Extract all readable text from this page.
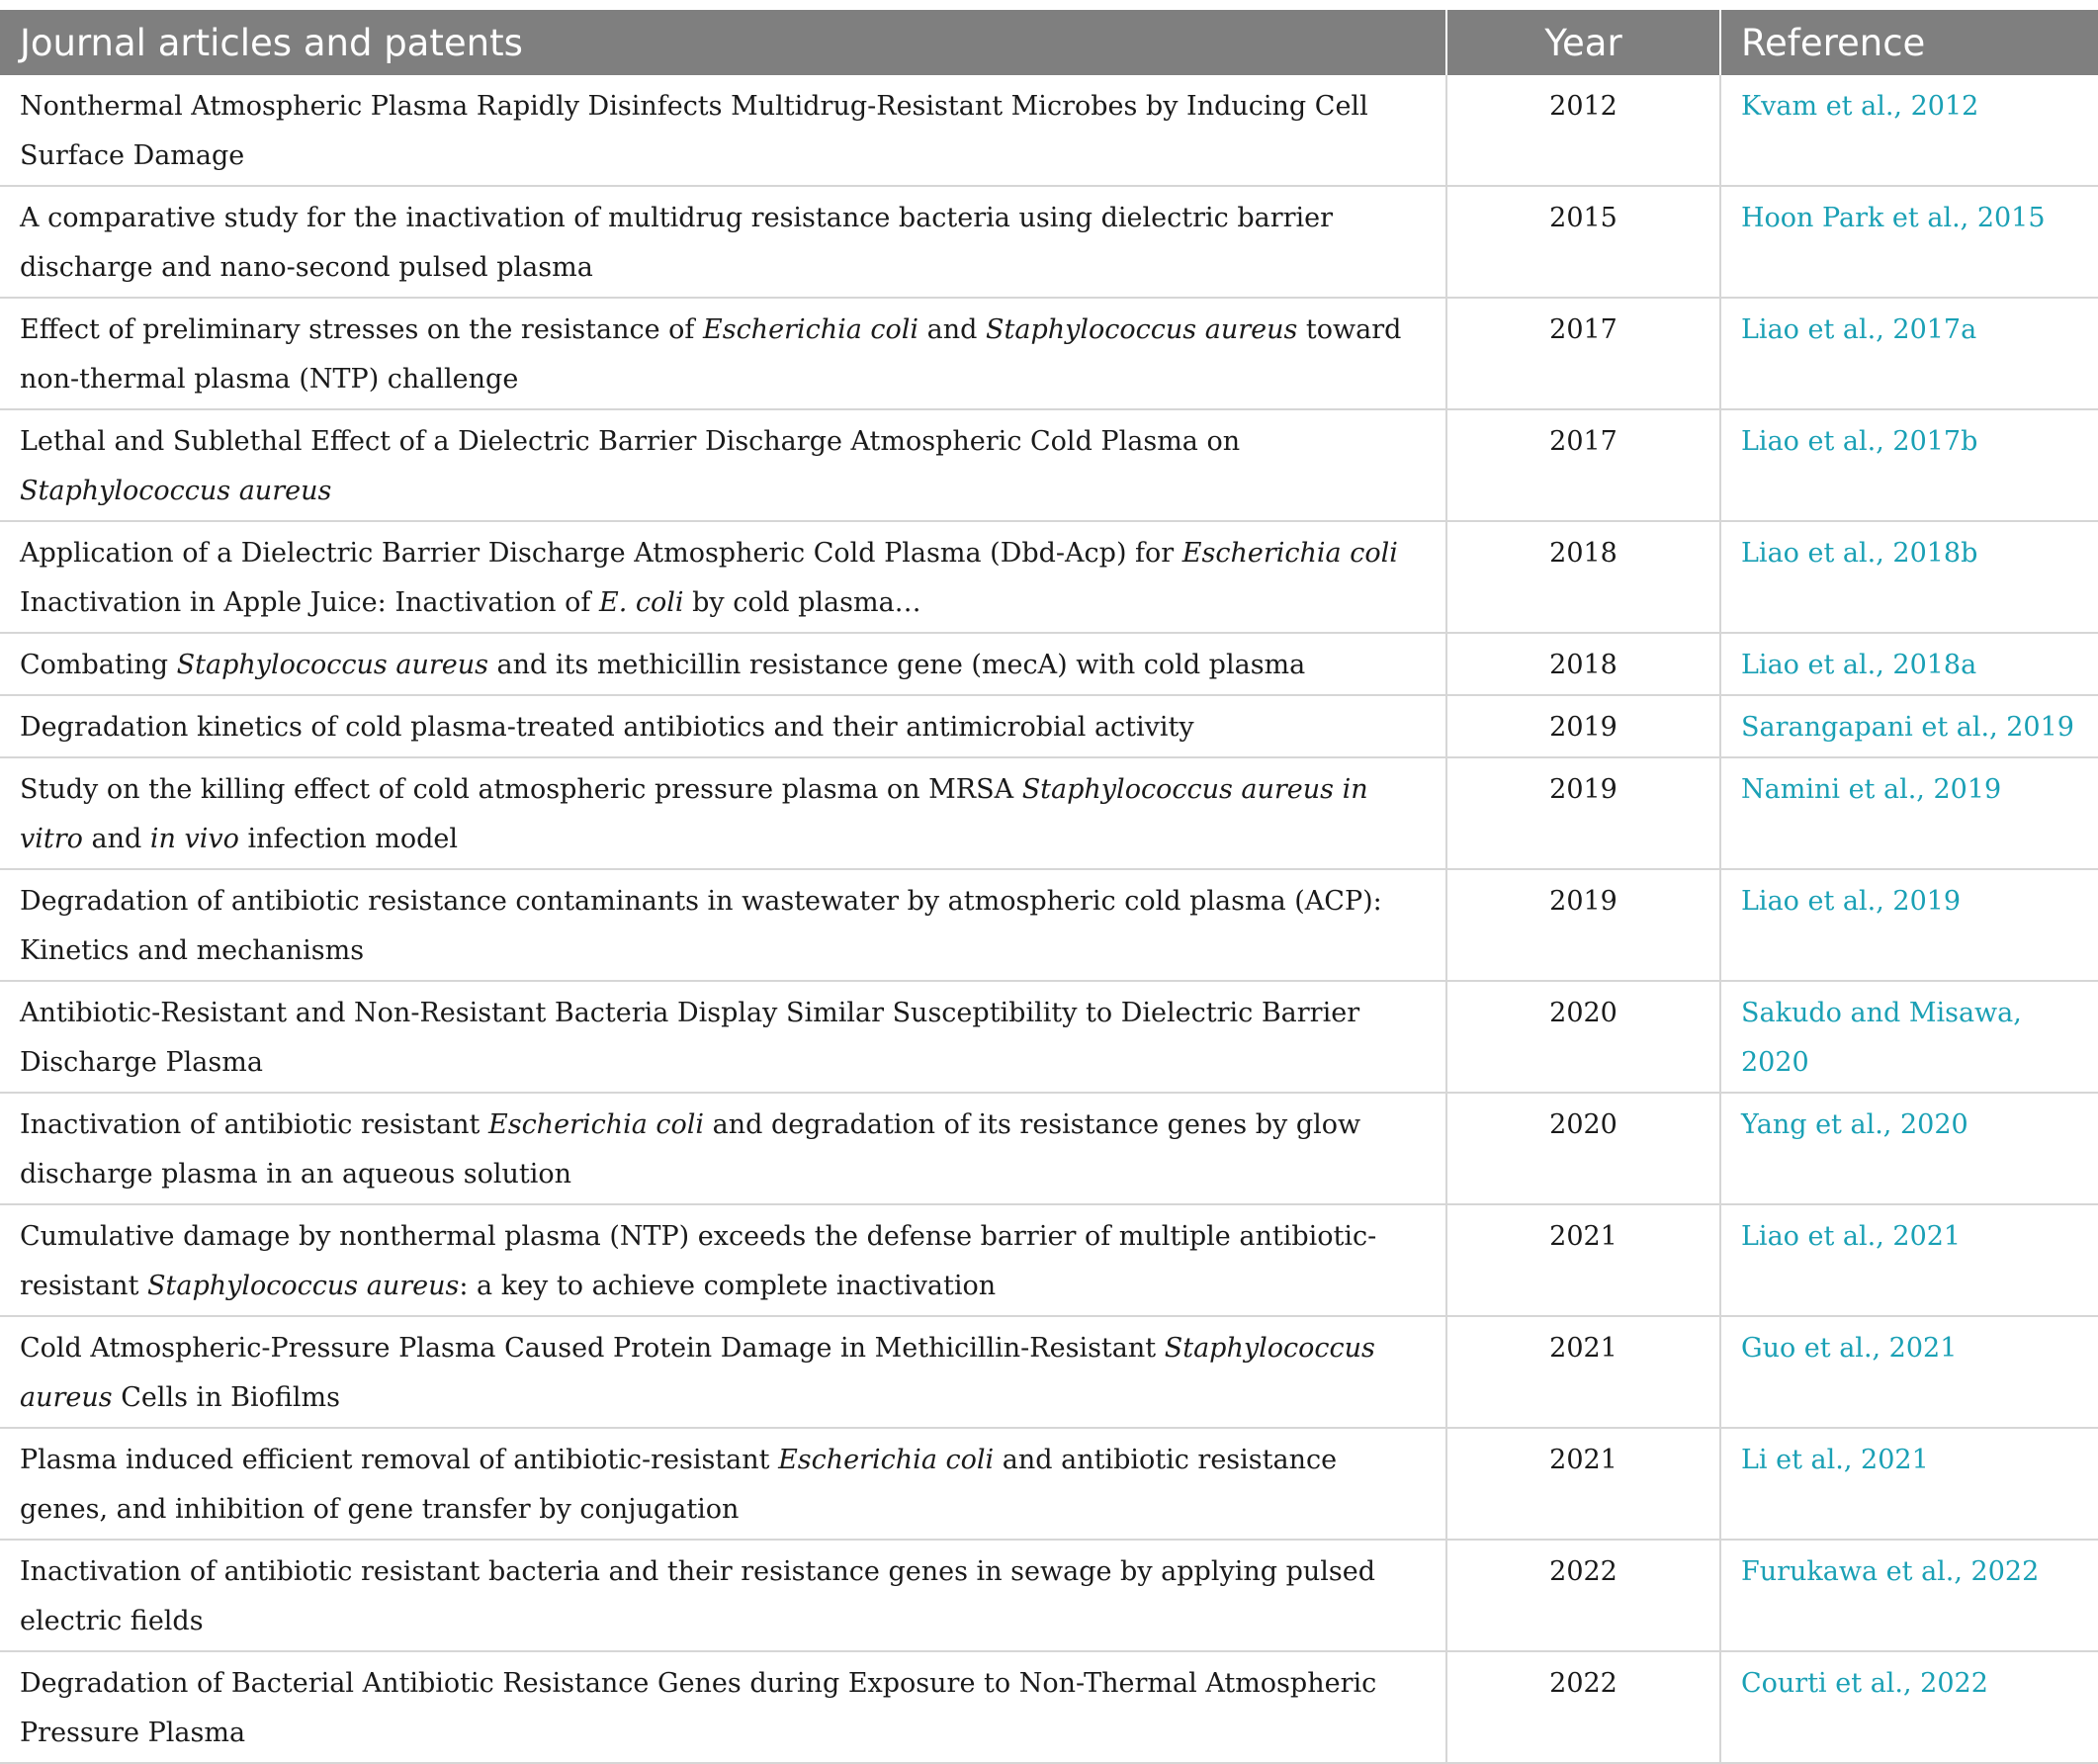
Journal articles and patents	Year	Reference
Nonthermal Atmospheric Plasma Rapidly Disinfects Multidrug-Resistant Microbes by Inducing Cell Surface Damage	2012	Kvam et al., 2012
A comparative study for the inactivation of multidrug resistance bacteria using dielectric barrier discharge and nano-second pulsed plasma	2015	Hoon Park et al., 2015
Effect of preliminary stresses on the resistance of Escherichia coli and Staphylococcus aureus toward non-thermal plasma (NTP) challenge	2017	Liao et al., 2017a
Lethal and Sublethal Effect of a Dielectric Barrier Discharge Atmospheric Cold Plasma on Staphylococcus aureus	2017	Liao et al., 2017b
Application of a Dielectric Barrier Discharge Atmospheric Cold Plasma (Dbd-Acp) for Escherichia coli Inactivation in Apple Juice: Inactivation of E. coli by cold plasma…	2018	Liao et al., 2018b
Combating Staphylococcus aureus and its methicillin resistance gene (mecA) with cold plasma	2018	Liao et al., 2018a
Degradation kinetics of cold plasma-treated antibiotics and their antimicrobial activity	2019	Sarangapani et al., 2019
Study on the killing effect of cold atmospheric pressure plasma on MRSA Staphylococcus aureus in vitro and in vivo infection model	2019	Namini et al., 2019
Degradation of antibiotic resistance contaminants in wastewater by atmospheric cold plasma (ACP): Kinetics and mechanisms	2019	Liao et al., 2019
Antibiotic-Resistant and Non-Resistant Bacteria Display Similar Susceptibility to Dielectric Barrier Discharge Plasma	2020	Sakudo and Misawa, 2020
Inactivation of antibiotic resistant Escherichia coli and degradation of its resistance genes by glow discharge plasma in an aqueous solution	2020	Yang et al., 2020
Cumulative damage by nonthermal plasma (NTP) exceeds the defense barrier of multiple antibiotic-resistant Staphylococcus aureus: a key to achieve complete inactivation	2021	Liao et al., 2021
Cold Atmospheric-Pressure Plasma Caused Protein Damage in Methicillin-Resistant Staphylococcus aureus Cells in Biofilms	2021	Guo et al., 2021
Plasma induced efficient removal of antibiotic-resistant Escherichia coli and antibiotic resistance genes, and inhibition of gene transfer by conjugation	2021	Li et al., 2021
Inactivation of antibiotic resistant bacteria and their resistance genes in sewage by applying pulsed electric fields	2022	Furukawa et al., 2022
Degradation of Bacterial Antibiotic Resistance Genes during Exposure to Non-Thermal Atmospheric Pressure Plasma	2022	Courti et al., 2022
